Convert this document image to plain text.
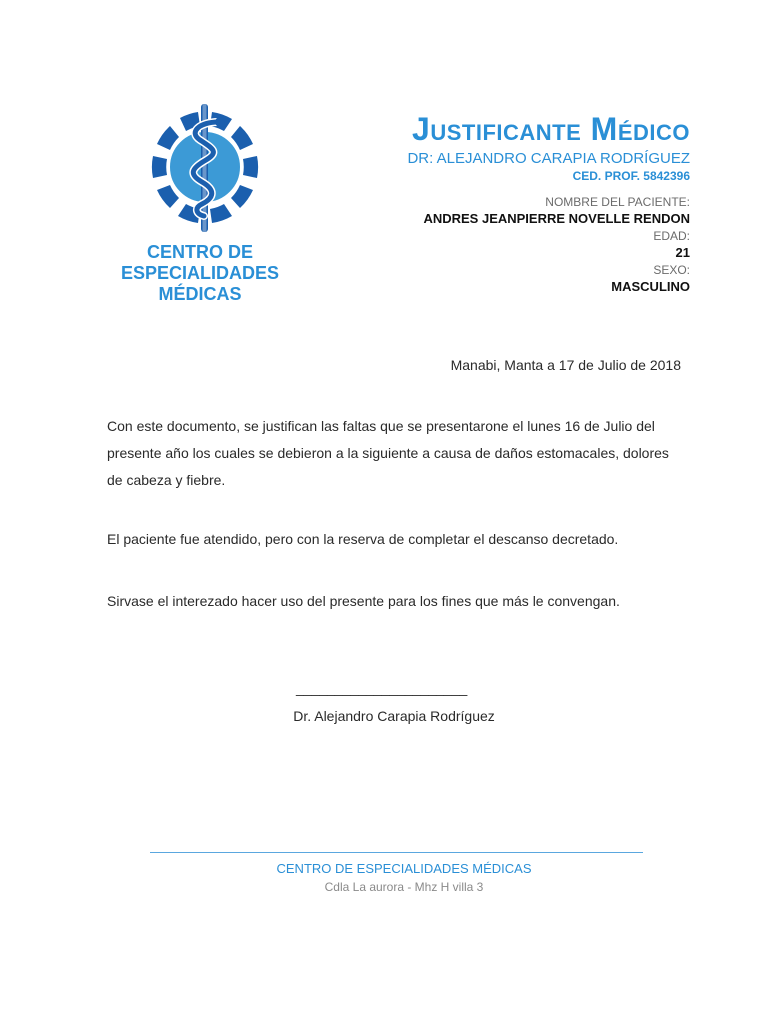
CENTRO DE
ESPECIALIDADES
MÉDICAS
Justificante Médico
DR: ALEJANDRO CARAPIA RODRÍGUEZ
CED. PROF. 5842396
NOMBRE DEL PACIENTE:
ANDRES JEANPIERRE NOVELLE RENDON
EDAD:
21
SEXO:
MASCULINO
Manabi, Manta a 17 de Julio de 2018

Con este documento, se justifican las faltas que se presentarone el lunes 16 de Julio del presente año los cuales se debieron a la siguiente a causa de daños estomacales, dolores de cabeza y fiebre.

El paciente fue atendido, pero con la reserva de completar el descanso decretado.

Sirvase el interezado hacer uso del presente para los fines que más le convengan.

______________________
Dr. Alejandro Carapia Rodríguez
CENTRO DE ESPECIALIDADES MÉDICAS
Cdla La aurora - Mhz H villa 3
